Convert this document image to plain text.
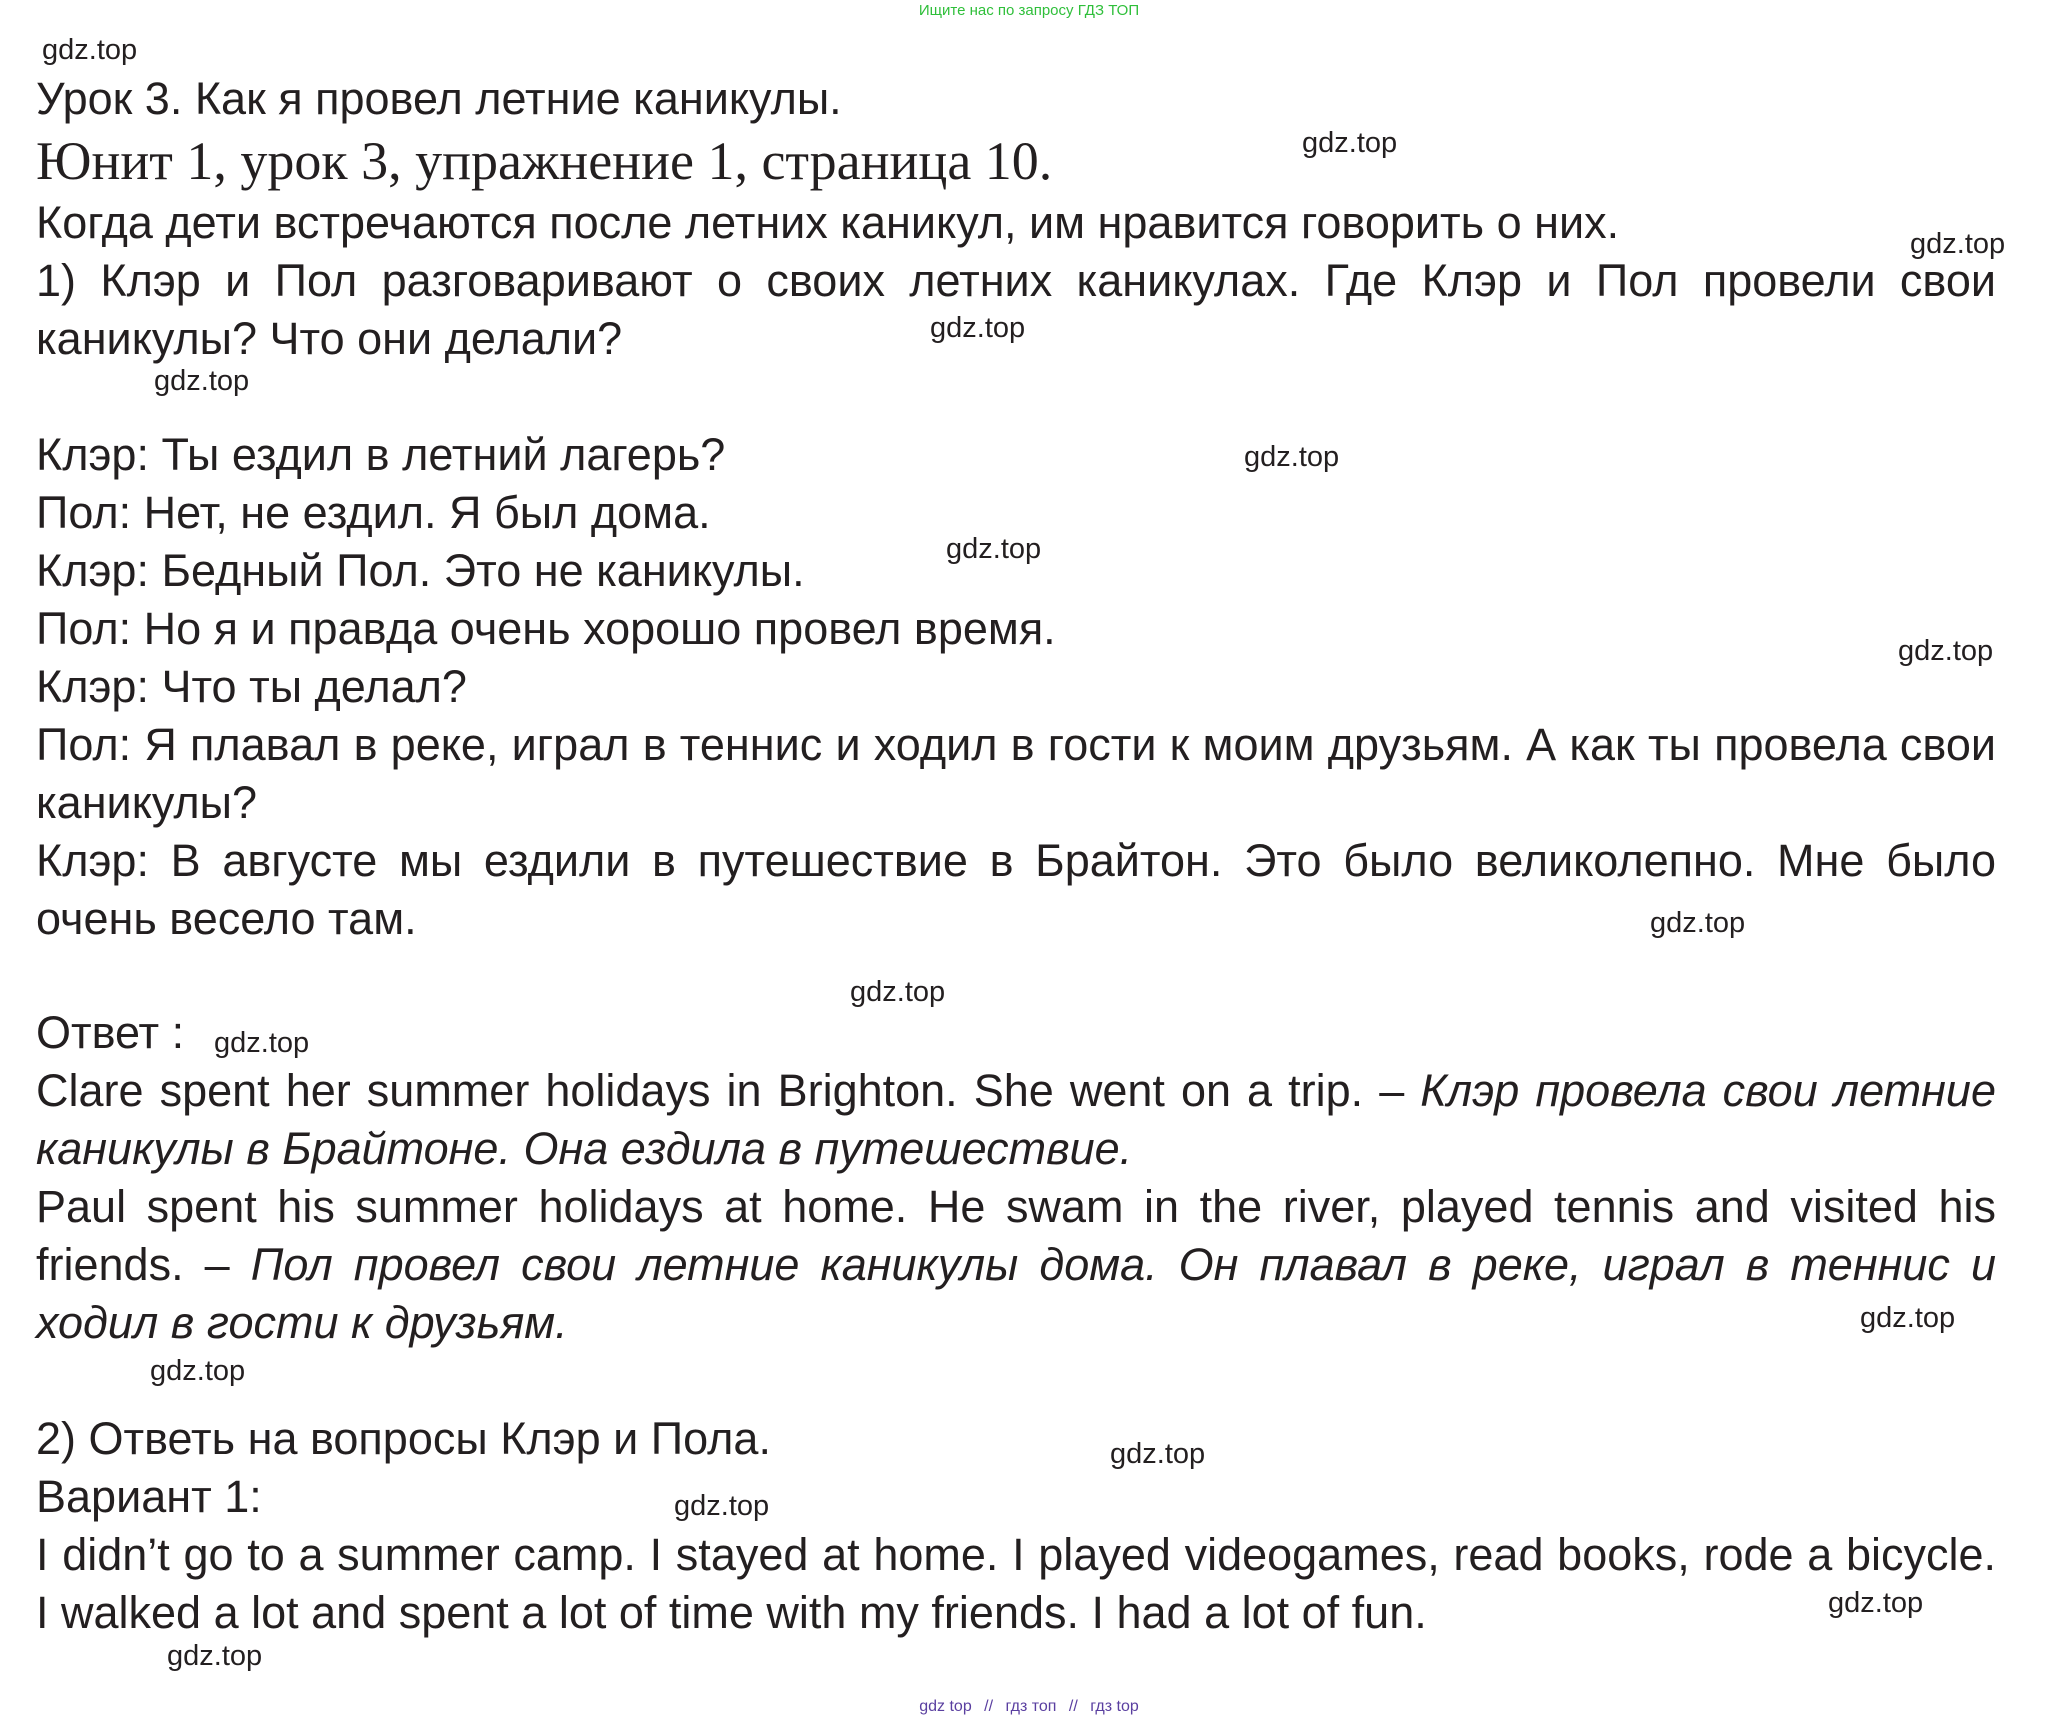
Ищите нас по запросу ГДЗ ТОП
gdz.top
gdz.top
gdz.top
gdz.top
gdz.top
gdz.top
gdz.top
gdz.top
gdz.top
gdz.top
gdz.top
gdz.top
gdz.top
gdz.top
gdz.top
gdz.top
gdz.top
Урок 3. Как я провел летние каникулы.
Юнит 1, урок 3, упражнение 1, страница 10.
Когда дети встречаются после летних каникул, им нравится говорить о них.
1) Клэр и Пол разговаривают о своих летних каникулах. Где Клэр и Пол провели свои каникулы? Что они делали?
Клэр: Ты ездил в летний лагерь?
Пол: Нет, не ездил. Я был дома.
Клэр: Бедный Пол. Это не каникулы.
Пол: Но я и правда очень хорошо провел время.
Клэр: Что ты делал?
Пол: Я плавал в реке, играл в теннис и ходил в гости к моим друзьям. А как ты провела свои каникулы?
Клэр: В августе мы ездили в путешествие в Брайтон. Это было великолепно. Мне было очень весело там.
Ответ :
Clare spent her summer holidays in Brighton. She went on a trip. – Клэр провела свои летние каникулы в Брайтоне. Она ездила в путешествие.
Paul spent his summer holidays at home. He swam in the river, played tennis and visited his friends. – Пол провел свои летние каникулы дома. Он плавал в реке, играл в теннис и ходил в гости к друзьям.
2) Ответь на вопросы Клэр и Пола.
Вариант 1:
I didn’t go to a summer camp. I stayed at home. I played videogames, read books, rode a bicycle. I walked a lot and spent a lot of time with my friends. I had a lot of fun.
gdz top // гдз топ // гдз top
